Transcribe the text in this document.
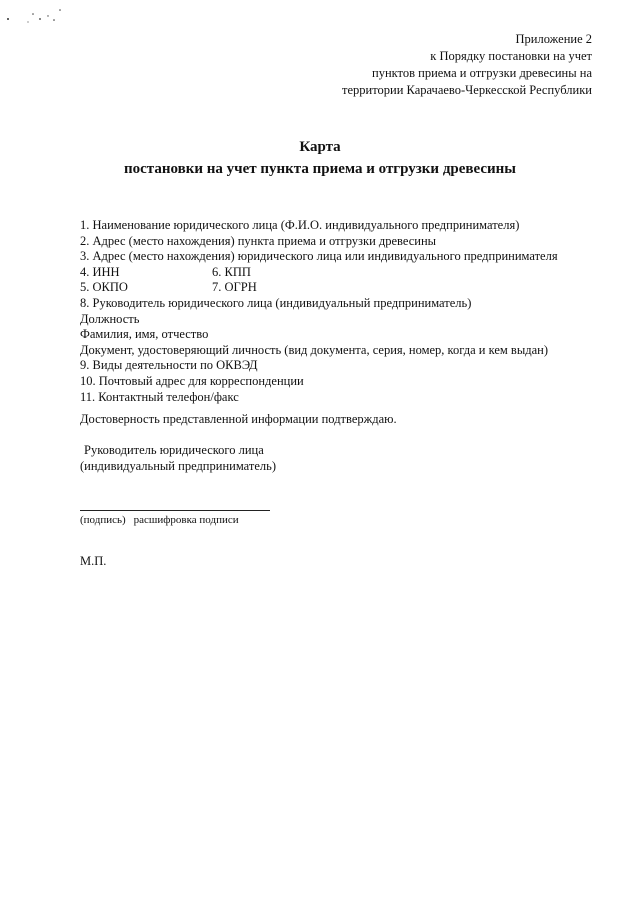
Приложение 2
к Порядку постановки на учет
пунктов приема и отгрузки древесины на
территории Карачаево-Черкесской Республики
Карта
постановки на учет пункта приема и отгрузки древесины
1. Наименование юридического лица (Ф.И.О. индивидуального предпринимателя)
2. Адрес (место нахождения) пункта приема и отгрузки древесины
3. Адрес (место нахождения) юридического лица или индивидуального предпринимателя
4. ИНН	6. КПП
5. ОКПО	7. ОГРН
8. Руководитель юридического лица (индивидуальный предприниматель)
Должность
Фамилия, имя, отчество
Документ, удостоверяющий личность (вид документа, серия, номер, когда и кем выдан)
9. Виды деятельности по ОКВЭД
10. Почтовый адрес для корреспонденции
11. Контактный телефон/факс
Достоверность представленной информации подтверждаю.
Руководитель юридического лица
(индивидуальный предприниматель)
(подпись) расшифровка подписи
М.П.
